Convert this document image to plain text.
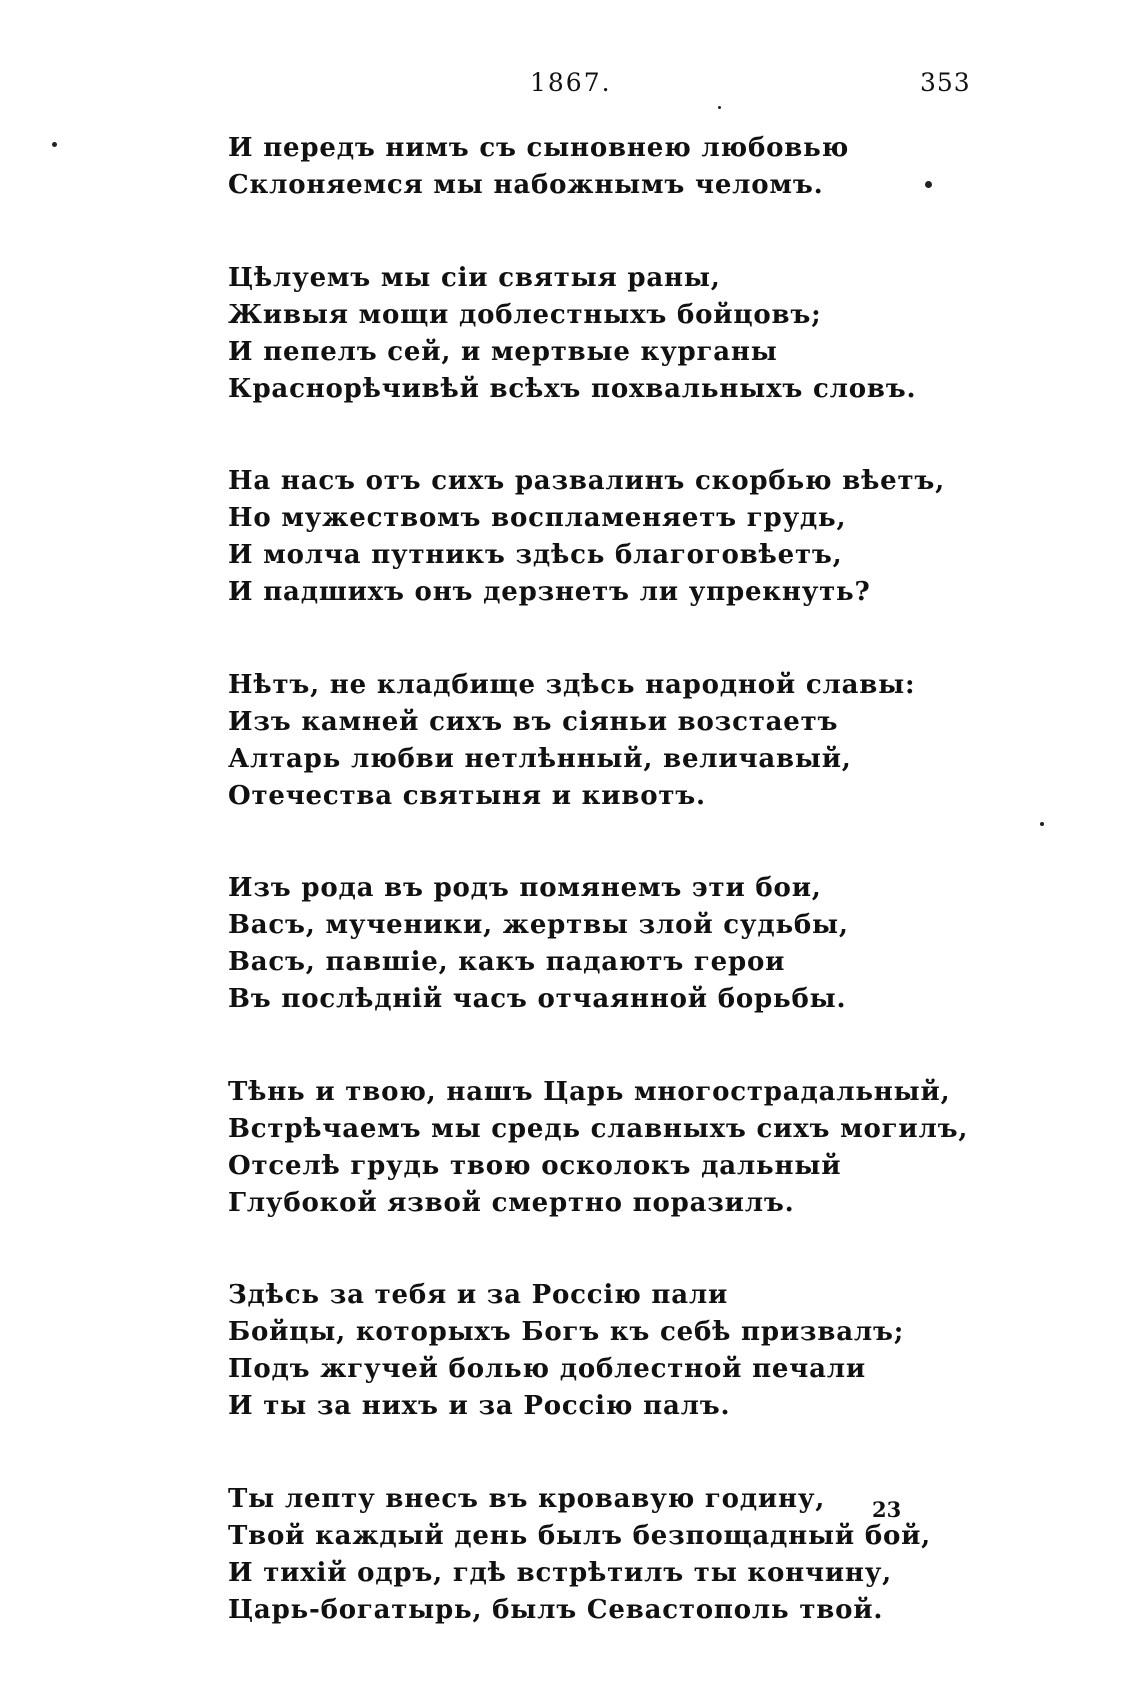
1867.	353
И передъ нимъ съ сыновнею любовью
Склоняемся мы набожнымъ челомъ.
Цѣлуемъ мы сіи святыя раны,
Живыя мощи доблестныхъ бойцовъ;
И пепелъ сей, и мертвые курганы
Краснорѣчивѣй всѣхъ похвальныхъ словъ.
На насъ отъ сихъ развалинъ скорбью вѣетъ,
Но мужествомъ воспламеняетъ грудь,
И молча путникъ здѣсь благоговѣетъ,
И падшихъ онъ дерзнетъ ли упрекнуть?
Нѣтъ, не кладбище здѣсь народной славы:
Изъ камней сихъ въ сіяньи возстаетъ
Алтарь любви нетлѣнный, величавый,
Отечества святыня и кивотъ.
Изъ рода въ родъ помянемъ эти бои,
Васъ, мученики, жертвы злой судьбы,
Васъ, павшіе, какъ падаютъ герои
Въ послѣдній часъ отчаянной борьбы.
Тѣнь и твою, нашъ Царь многострадальный,
Встрѣчаемъ мы средь славныхъ сихъ могилъ,
Отселѣ грудь твою осколокъ дальный
Глубокой язвой смертно поразилъ.
Здѣсь за тебя и за Россію пали
Бойцы, которыхъ Богъ къ себѣ призвалъ;
Подъ жгучей болью доблестной печали
И ты за нихъ и за Россію палъ.
Ты лепту внесъ въ кровавую годину,
Твой каждый день былъ безпощадный бой,
И тихій одръ, гдѣ встрѣтилъ ты кончину,
Царь-богатырь, былъ Севастополь твой.
23
